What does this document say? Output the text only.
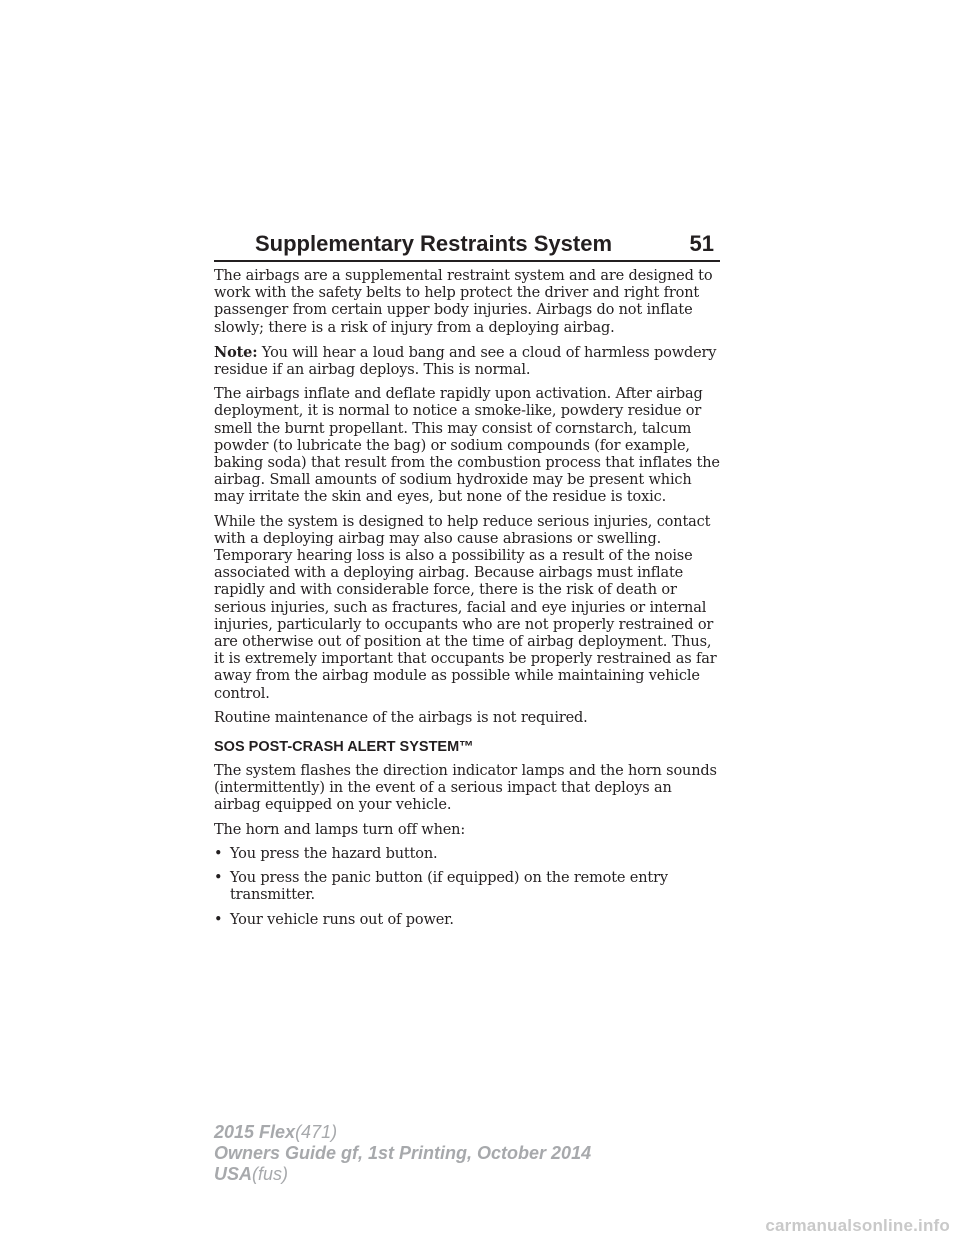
Supplementary Restraints System	51

The airbags are a supplemental restraint system and are designed to work with the safety belts to help protect the driver and right front passenger from certain upper body injuries. Airbags do not inflate slowly; there is a risk of injury from a deploying airbag.

Note: You will hear a loud bang and see a cloud of harmless powdery residue if an airbag deploys. This is normal.

The airbags inflate and deflate rapidly upon activation. After airbag deployment, it is normal to notice a smoke-like, powdery residue or smell the burnt propellant. This may consist of cornstarch, talcum powder (to lubricate the bag) or sodium compounds (for example, baking soda) that result from the combustion process that inflates the airbag. Small amounts of sodium hydroxide may be present which may irritate the skin and eyes, but none of the residue is toxic.

While the system is designed to help reduce serious injuries, contact with a deploying airbag may also cause abrasions or swelling. Temporary hearing loss is also a possibility as a result of the noise associated with a deploying airbag. Because airbags must inflate rapidly and with considerable force, there is the risk of death or serious injuries, such as fractures, facial and eye injuries or internal injuries, particularly to occupants who are not properly restrained or are otherwise out of position at the time of airbag deployment. Thus, it is extremely important that occupants be properly restrained as far away from the airbag module as possible while maintaining vehicle control.

Routine maintenance of the airbags is not required.

SOS POST-CRASH ALERT SYSTEM™

The system flashes the direction indicator lamps and the horn sounds (intermittently) in the event of a serious impact that deploys an airbag equipped on your vehicle.

The horn and lamps turn off when:

• You press the hazard button.
• You press the panic button (if equipped) on the remote entry transmitter.
• Your vehicle runs out of power.
2015 Flex(471)
Owners Guide gf, 1st Printing, October 2014
USA(fus)
carmanualsonline.info
